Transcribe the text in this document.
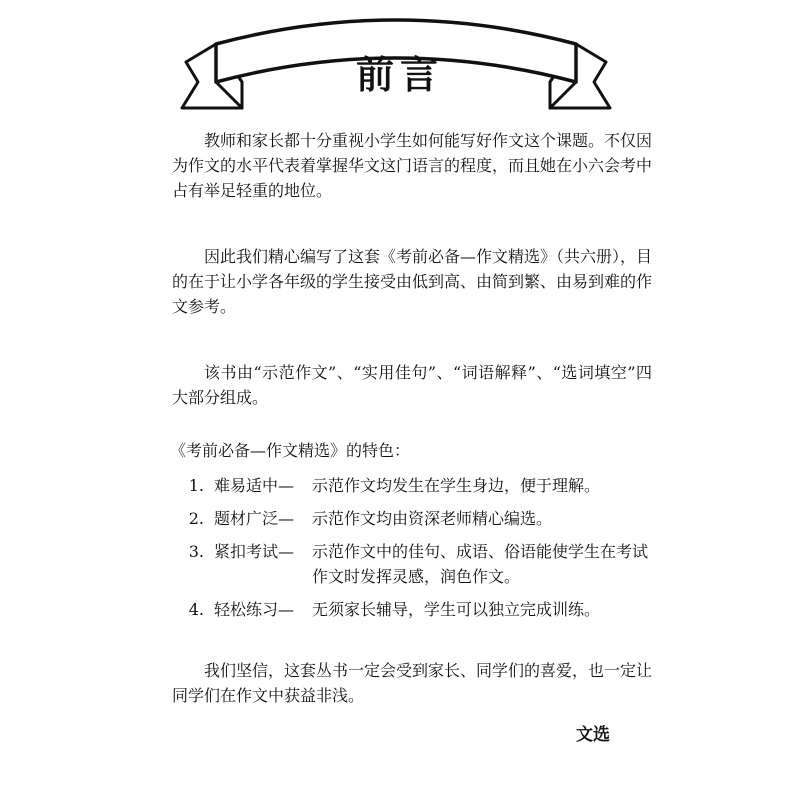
前言

教师和家长都十分重视小学生如何能写好作文这个课题。不仅因为作文的水平代表着掌握华文这门语言的程度，而且她在小六会考中占有举足轻重的地位。

因此我们精心编写了这套《考前必备—作文精选》（共六册），目的在于让小学各年级的学生接受由低到高、由简到繁、由易到难的作文参考。

该书由“示范作文”、“实用佳句”、“词语解释”、“选词填空”四大部分组成。

《考前必备—作文精选》的特色：
1. 难易适中—	示范作文均发生在学生身边，便于理解。
2. 题材广泛—	示范作文均由资深老师精心编选。
3. 紧扣考试—	示范作文中的佳句、成语、俗语能使学生在考试作文时发挥灵感，润色作文。
4. 轻松练习—	无须家长辅导，学生可以独立完成训练。

我们坚信，这套丛书一定会受到家长、同学们的喜爱，也一定让同学们在作文中获益非浅。

文选
